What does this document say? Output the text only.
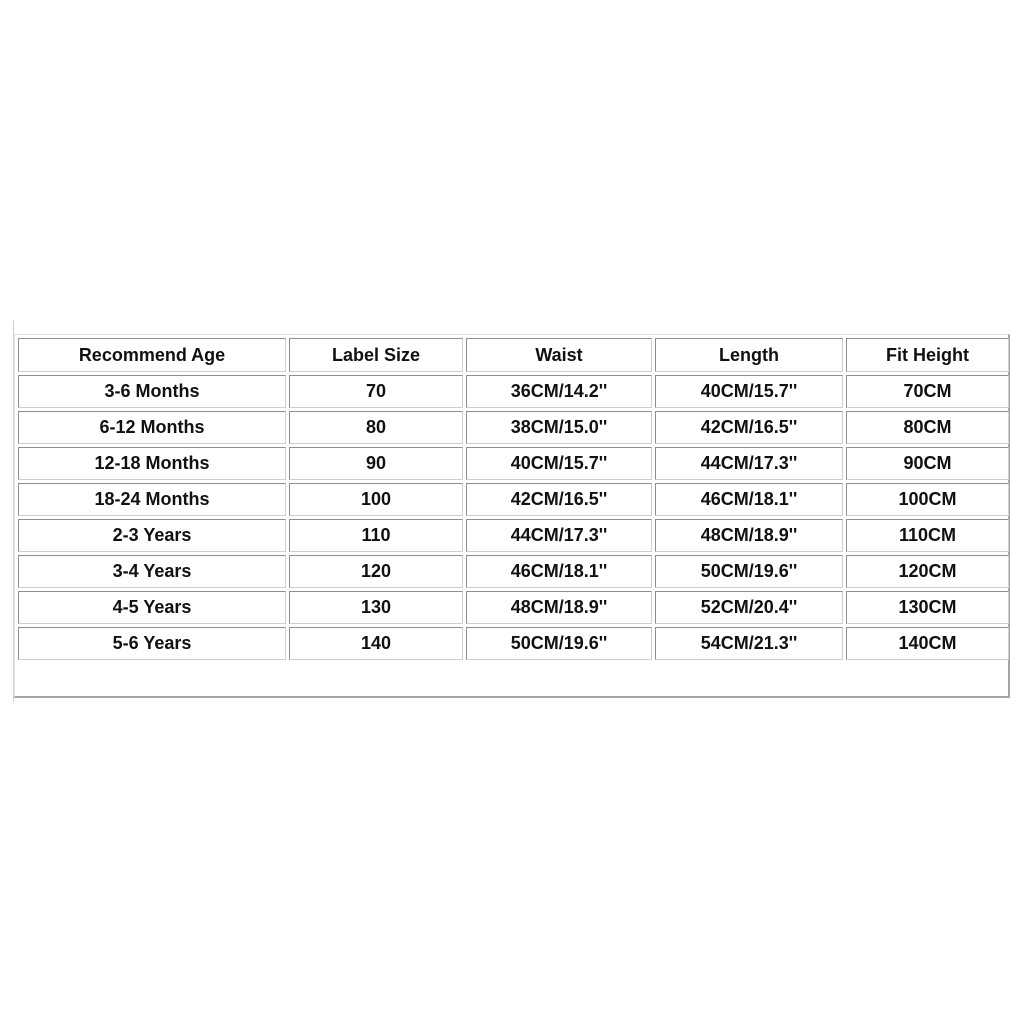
Recommend Age	Label Size	Waist	Length	Fit Height
3-6 Months	70	36CM/14.2''	40CM/15.7''	70CM
6-12 Months	80	38CM/15.0''	42CM/16.5''	80CM
12-18 Months	90	40CM/15.7''	44CM/17.3''	90CM
18-24 Months	100	42CM/16.5''	46CM/18.1''	100CM
2-3 Years	110	44CM/17.3''	48CM/18.9''	110CM
3-4 Years	120	46CM/18.1''	50CM/19.6''	120CM
4-5 Years	130	48CM/18.9''	52CM/20.4''	130CM
5-6 Years	140	50CM/19.6''	54CM/21.3''	140CM
